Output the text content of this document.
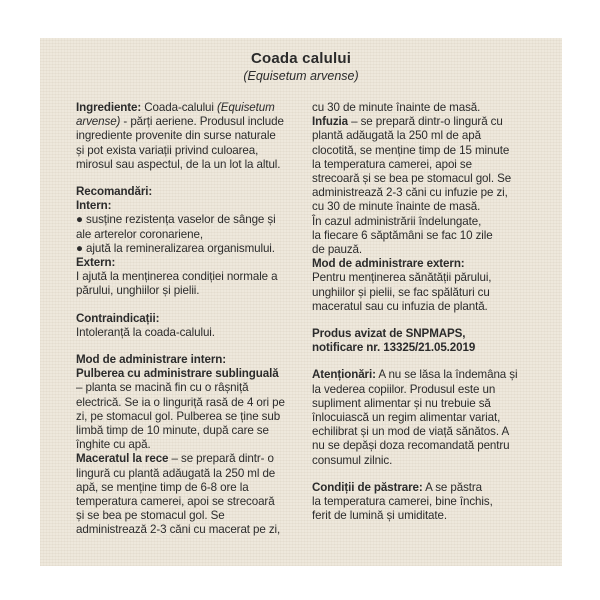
Coada calului
(Equisetum arvense)
Ingrediente: Coada-calului (Equisetum
arvense) - părți aeriene. Produsul include
ingrediente provenite din surse naturale
și pot exista variații privind culoarea,
mirosul sau aspectul, de la un lot la altul.
Recomandări:
Intern:
● susține rezistența vaselor de sânge și
ale arterelor coronariene,
● ajută la remineralizarea organismului.
Extern:
I ajută la menținerea condiției normale a
părului, unghiilor și pielii.
Contraindicații:
Intoleranță la coada-calului.
Mod de administrare intern:
Pulberea cu administrare sublinguală
– planta se macină fin cu o râșniță
electrică. Se ia o linguriță rasă de 4 ori pe
zi, pe stomacul gol. Pulberea se ține sub
limbă timp de 10 minute, după care se
înghite cu apă.
Maceratul la rece – se prepară dintr- o
lingură cu plantă adăugată la 250 ml de
apă, se menține timp de 6-8 ore la
temperatura camerei, apoi se strecoară
și se bea pe stomacul gol. Se
administrează 2-3 căni cu macerat pe zi,
cu 30 de minute înainte de masă.
Infuzia – se prepară dintr-o lingură cu
plantă adăugată la 250 ml de apă
clocotită, se menține timp de 15 minute
la temperatura camerei, apoi se
strecoară și se bea pe stomacul gol. Se
administrează 2-3 căni cu infuzie pe zi,
cu 30 de minute înainte de masă.
În cazul administrării îndelungate,
la fiecare 6 săptămâni se fac 10 zile
de pauză.
Mod de administrare extern:
Pentru menținerea sănătății părului,
unghiilor și pielii, se fac spălături cu
maceratul sau cu infuzia de plantă.
Produs avizat de SNPMAPS,
notificare nr. 13325/21.05.2019
Atenționări: A nu se lăsa la îndemâna și
la vederea copiilor. Produsul este un
supliment alimentar și nu trebuie să
înlocuiască un regim alimentar variat,
echilibrat și un mod de viață sănătos. A
nu se depăși doza recomandată pentru
consumul zilnic.
Condiții de păstrare: A se păstra
la temperatura camerei, bine închis,
ferit de lumină și umiditate.
